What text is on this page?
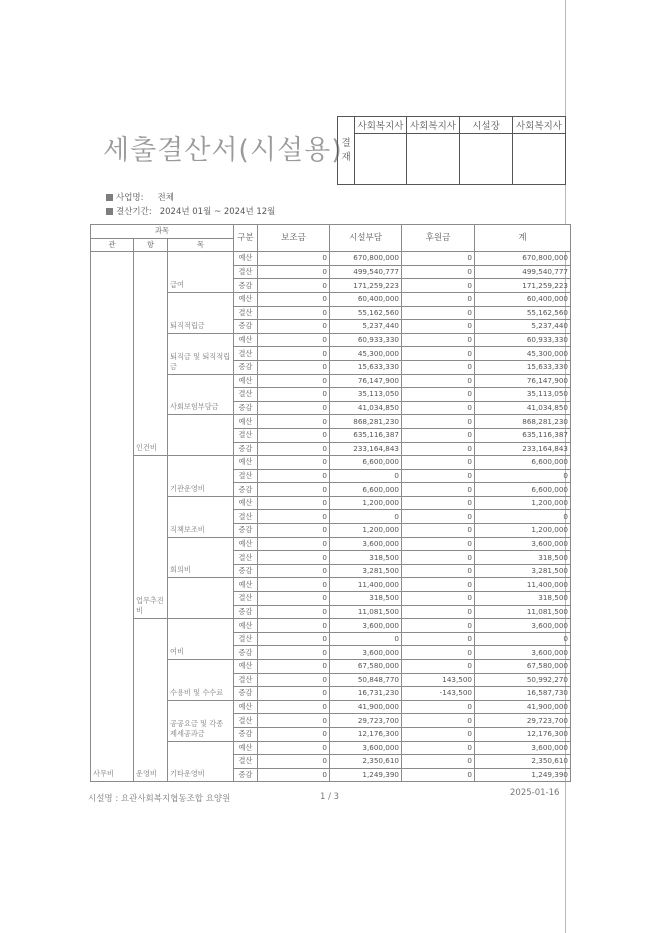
세출결산서(시설용)
결재	사회복지사	사회복지사	시설장	사회복지사

사업명: 전체
결산기간: 2024년 01월 ~ 2024년 12월
과목			구분	보조금	시설부담	후원금	계
관	항	목					

사무비	인건비	급여	예산	0	670,800,000	0	670,800,000
			결산	0	499,540,777	0	499,540,777
			증감	0	171,259,223	0	171,259,223

		퇴직적립금	예산	0	60,400,000	0	60,400,000
			결산	0	55,162,560	0	55,162,560
			증감	0	5,237,440	0	5,237,440

		퇴직금 및 퇴직적립금	예산	0	60,933,330	0	60,933,330
			결산	0	45,300,000	0	45,300,000
			증감	0	15,633,330	0	15,633,330

		사회보험부담금	예산	0	76,147,900	0	76,147,900
			결산	0	35,113,050	0	35,113,050
			증감	0	41,034,850	0	41,034,850

			예산	0	868,281,230	0	868,281,230
			결산	0	635,116,387	0	635,116,387
			증감	0	233,164,843	0	233,164,843

	업무추진비	기관운영비	예산	0	6,600,000	0	6,600,000
			결산	0	0	0	0
			증감	0	6,600,000	0	6,600,000

		직책보조비	예산	0	1,200,000	0	1,200,000
			결산	0	0	0	0
			증감	0	1,200,000	0	1,200,000

		회의비	예산	0	3,600,000	0	3,600,000
			결산	0	318,500	0	318,500
			증감	0	3,281,500	0	3,281,500

			예산	0	11,400,000	0	11,400,000
			결산	0	318,500	0	318,500
			증감	0	11,081,500	0	11,081,500

	운영비	여비	예산	0	3,600,000	0	3,600,000
			결산	0	0	0	0
			증감	0	3,600,000	0	3,600,000

		수용비 및 수수료	예산	0	67,580,000	0	67,580,000
			결산	0	50,848,770	143,500	50,992,270
			증감	0	16,731,230	-143,500	16,587,730

		공공요금 및 각종 제세공과금	예산	0	41,900,000	0	41,900,000
			결산	0	29,723,700	0	29,723,700
			증감	0	12,176,300	0	12,176,300

		기타운영비	예산	0	3,600,000	0	3,600,000
			결산	0	2,350,610	0	2,350,610
			증감	0	1,249,390	0	1,249,390
시설명 : 요관사회복지협동조합 요양원	1 / 3	2025-01-16
